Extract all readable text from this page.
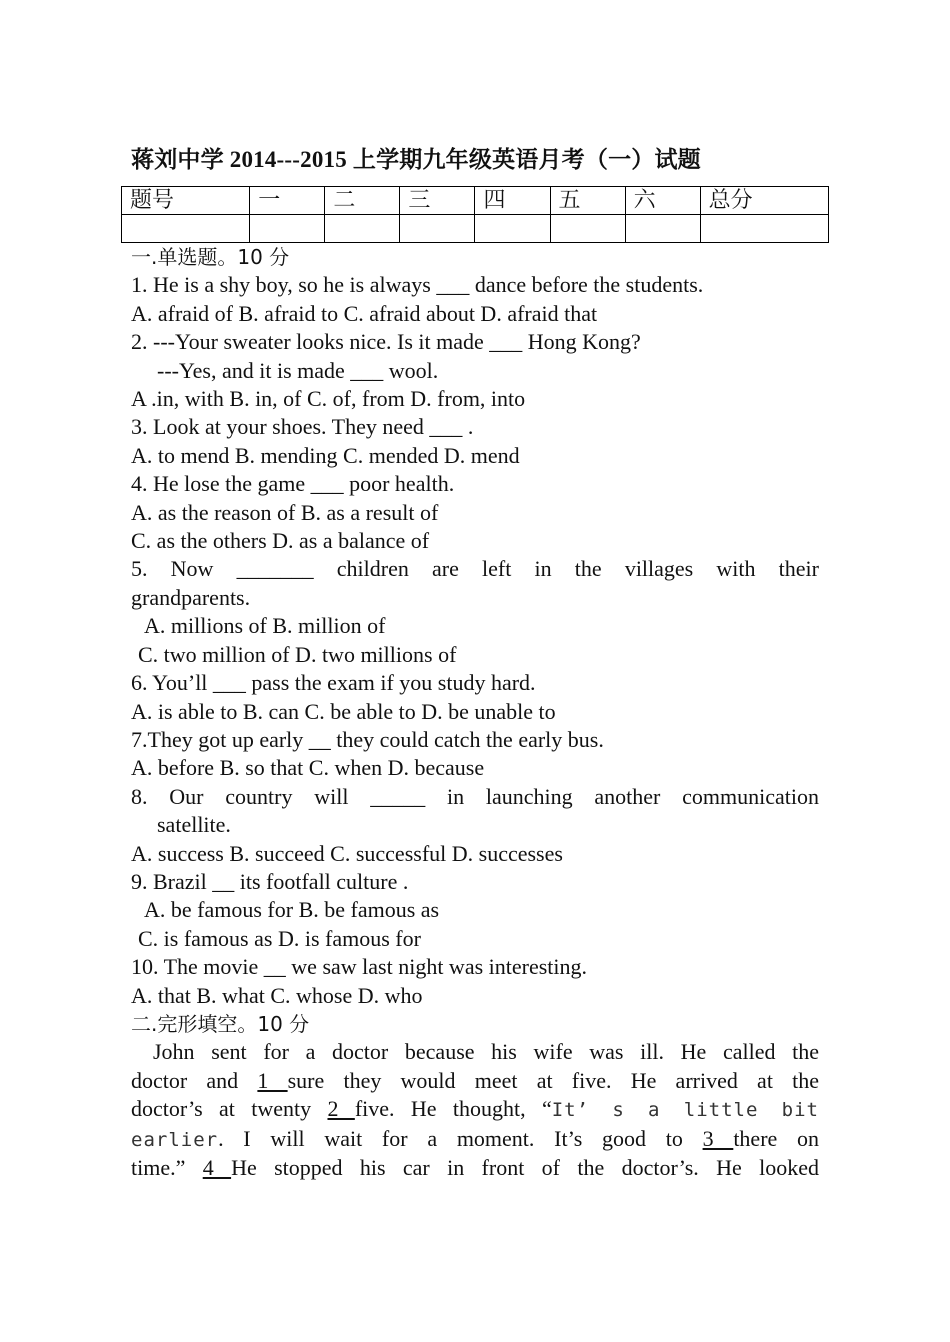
蒋刘中学 2014---2015 上学期九年级英语月考（一）试题
题号	一	二	三	四	五	六	总分

一.单选题。10 分
1. He is a shy boy, so he is always ___ dance before the students.
A. afraid of B. afraid to C. afraid about D. afraid that
2. ---Your sweater looks nice. Is it made ___ Hong Kong?
---Yes, and it is made ___ wool.
A .in, with B. in, of C. of, from D. from, into
3. Look at your shoes. They need ___ .
A. to mend B. mending C. mended D. mend
4. He lose the game ___ poor health.
A. as the reason of B. as a result of
C. as the others D. as a balance of
5. Now _______ children are left in the villages with their
grandparents.
A. millions of B. million of
C. two million of D. two millions of
6. You’ll ___ pass the exam if you study hard.
A. is able to B. can C. be able to D. be unable to
7.They got up early __ they could catch the early bus.
A. before B. so that C. when D. because
8. Our country will _____ in launching another communication
satellite.
A. success B. succeed C. successful D. successes
9. Brazil __ its footfall culture .
A. be famous for B. be famous as
C. is famous as D. is famous for
10. The movie __ we saw last night was interesting.
A. that B. what C. whose D. who
二.完形填空。10 分
John sent for a doctor because his wife was ill. He called the
doctor and 1 sure they would meet at five. He arrived at the
doctor’s at twenty 2 five. He thought, “It’ s a little bit
earlier. I will wait for a moment. It’s good to 3 there on
time.” 4 He stopped his car in front of the doctor’s. He looked
